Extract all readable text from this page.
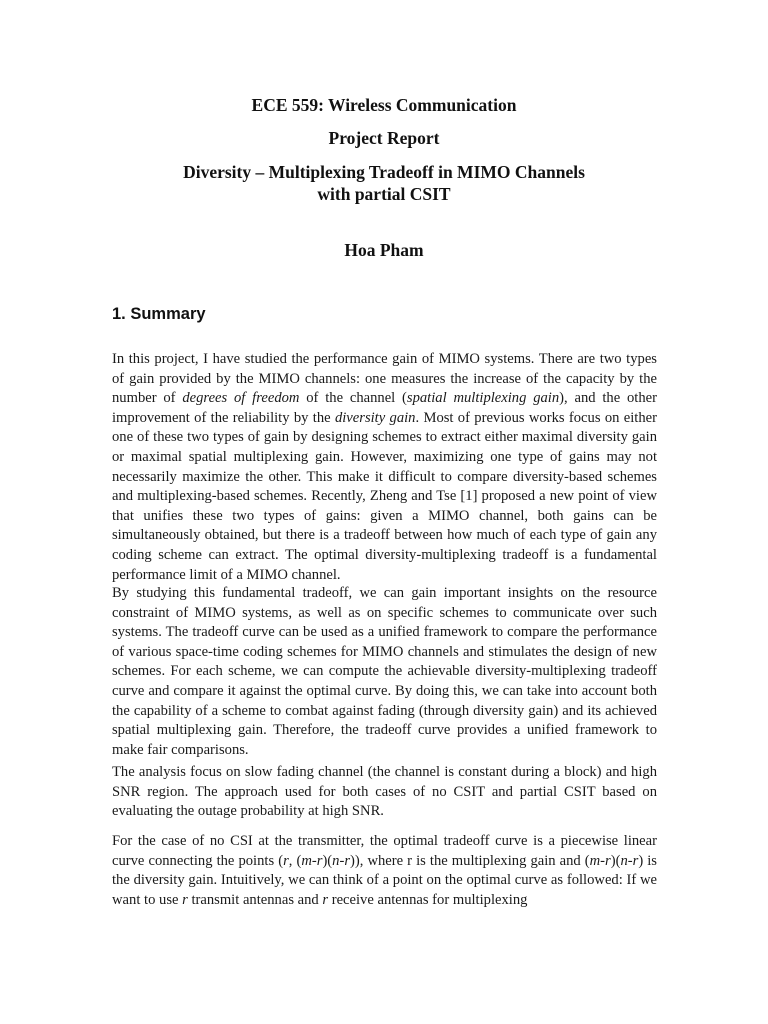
ECE 559: Wireless Communication
Project Report
Diversity – Multiplexing Tradeoff in MIMO Channels
with partial CSIT
Hoa Pham
1. Summary

In this project, I have studied the performance gain of MIMO systems. There are two types of gain provided by the MIMO channels: one measures the increase of the capacity by the number of degrees of freedom of the channel (spatial multiplexing gain), and the other improvement of the reliability by the diversity gain. Most of previous works focus on either one of these two types of gain by designing schemes to extract either maximal diversity gain or maximal spatial multiplexing gain. However, maximizing one type of gains may not necessarily maximize the other. This make it difficult to compare diversity-based schemes and multiplexing-based schemes. Recently, Zheng and Tse [1] proposed a new point of view that unifies these two types of gains: given a MIMO channel, both gains can be simultaneously obtained, but there is a tradeoff between how much of each type of gain any coding scheme can extract. The optimal diversity-multiplexing tradeoff is a fundamental performance limit of a MIMO channel.

By studying this fundamental tradeoff, we can gain important insights on the resource constraint of MIMO systems, as well as on specific schemes to communicate over such systems. The tradeoff curve can be used as a unified framework to compare the performance of various space-time coding schemes for MIMO channels and stimulates the design of new schemes. For each scheme, we can compute the achievable diversity-multiplexing tradeoff curve and compare it against the optimal curve. By doing this, we can take into account both the capability of a scheme to combat against fading (through diversity gain) and its achieved spatial multiplexing gain. Therefore, the tradeoff curve provides a unified framework to make fair comparisons.

The analysis focus on slow fading channel (the channel is constant during a block) and high SNR region. The approach used for both cases of no CSIT and partial CSIT based on evaluating the outage probability at high SNR.

For the case of no CSI at the transmitter, the optimal tradeoff curve is a piecewise linear curve connecting the points (r, (m-r)(n-r)), where r is the multiplexing gain and (m-r)(n-r) is the diversity gain. Intuitively, we can think of a point on the optimal curve as followed: If we want to use r transmit antennas and r receive antennas for multiplexing
